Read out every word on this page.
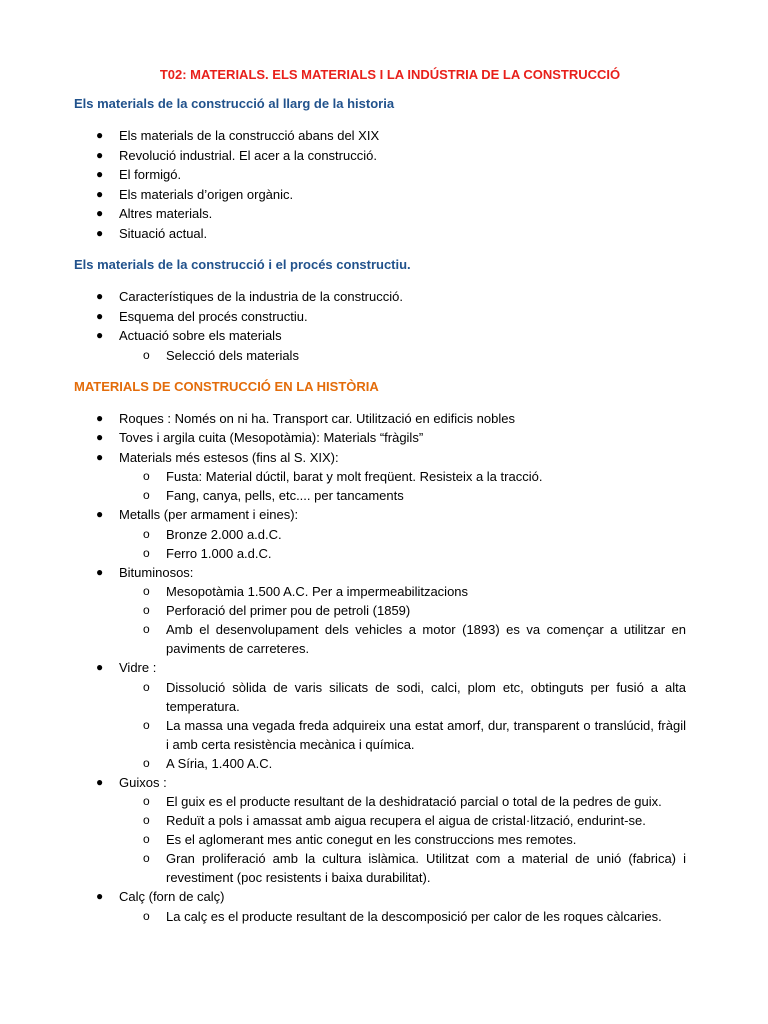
T02: MATERIALS. ELS MATERIALS I LA INDÚSTRIA DE LA CONSTRUCCIÓ
Els materials de la construcció al llarg de la historia
● Els materials de la construcció abans del XIX
● Revolució industrial. El acer a la construcció.
● El formigó.
● Els materials d’origen orgànic.
● Altres materials.
● Situació actual.
Els materials de la construcció i el procés constructiu.
● Característiques de la industria de la construcció.
● Esquema del procés constructiu.
● Actuació sobre els materials
o Selecció dels materials
MATERIALS DE CONSTRUCCIÓ EN LA HISTÒRIA
● Roques : Només on ni ha. Transport car. Utilització en edificis nobles
● Toves i argila cuita (Mesopotàmia): Materials “fràgils”
● Materials més estesos (fins al S. XIX):
o Fusta: Material dúctil, barat y molt freqüent. Resisteix a la tracció.
o Fang, canya, pells, etc.... per tancaments
● Metalls (per armament i eines):
o Bronze 2.000 a.d.C.
o Ferro 1.000 a.d.C.
● Bituminosos:
o Mesopotàmia 1.500 A.C. Per a impermeabilitzacions
o Perforació del primer pou de petroli (1859)
o Amb el desenvolupament dels vehicles a motor (1893) es va començar a utilitzar en paviments de carreteres.
● Vidre :
o Dissolució sòlida de varis silicats de sodi, calci, plom etc, obtinguts per fusió a alta temperatura.
o La massa una vegada freda adquireix una estat amorf, dur, transparent o translúcid, fràgil i amb certa resistència mecànica i química.
o A Síria, 1.400 A.C.
● Guixos :
o El guix es el producte resultant de la deshidratació parcial o total de la pedres de guix.
o Reduït a pols i amassat amb aigua recupera el aigua de cristal·lització, endurint-se.
o Es el aglomerant mes antic conegut en les construccions mes remotes.
o Gran proliferació amb la cultura islàmica. Utilitzat com a material de unió (fabrica) i revestiment (poc resistents i baixa durabilitat).
● Calç (forn de calç)
o La calç es el producte resultant de la descomposició per calor de les roques càlcaries.
